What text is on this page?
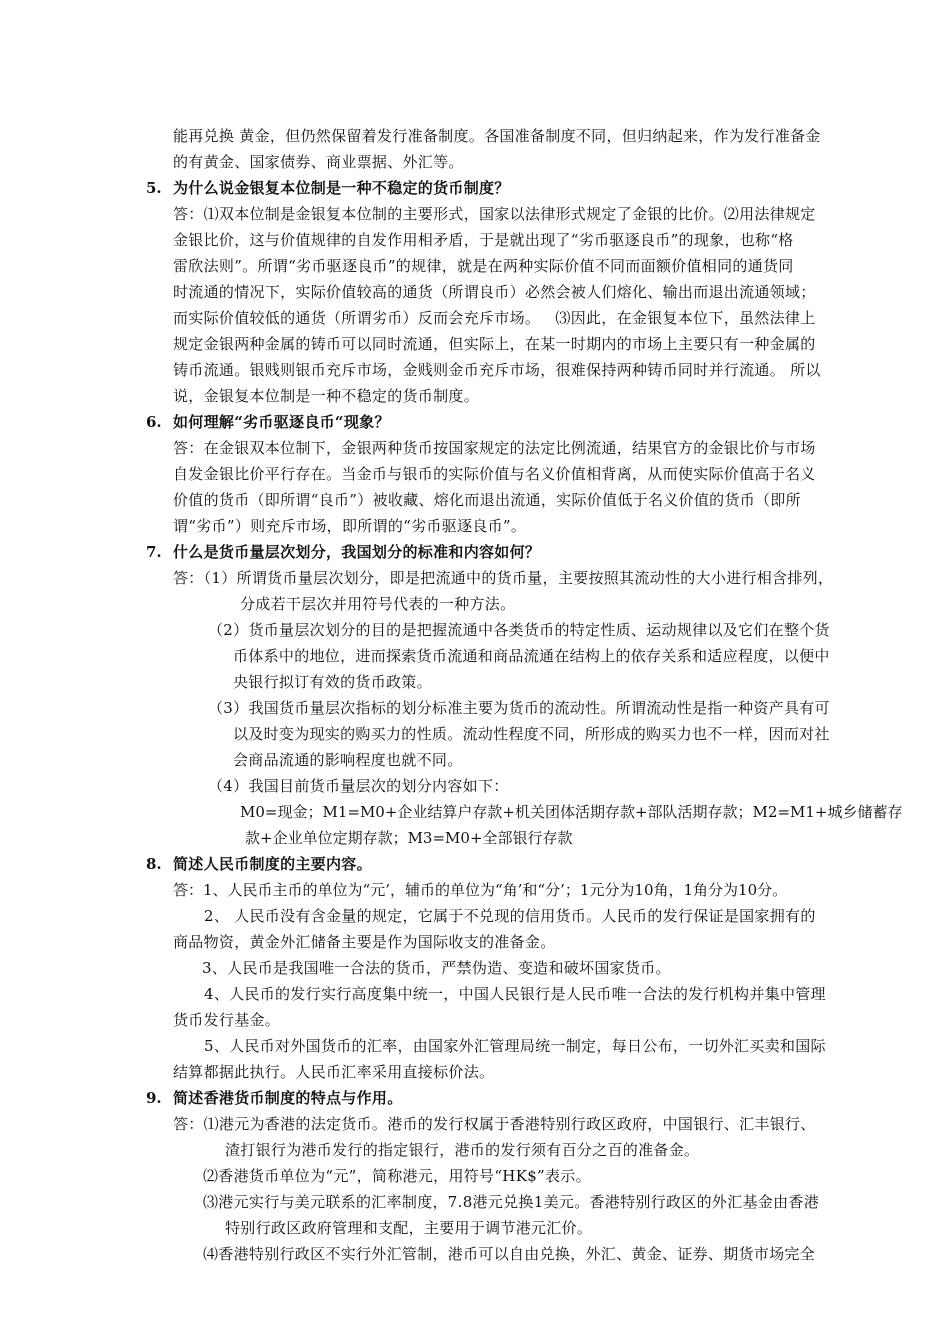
能再兑换 黄金，但仍然保留着发行准备制度。各国准备制度不同，但归纳起来，作为发行准备金
的有黄金、国家债券、商业票据、外汇等。
5. 为什么说金银复本位制是一种不稳定的货币制度？
答：⑴双本位制是金银复本位制的主要形式，国家以法律形式规定了金银的比价。⑵用法律规定
金银比价，这与价值规律的自发作用相矛盾，于是就出现了“劣币驱逐良币”的现象，也称“格
雷欣法则”。所谓“劣币驱逐良币”的规律，就是在两种实际价值不同而面额价值相同的通货同
时流通的情况下，实际价值较高的通货（所谓良币）必然会被人们熔化、输出而退出流通领域；
而实际价值较低的通货（所谓劣币）反而会充斥市场。   ⑶因此，在金银复本位下，虽然法律上
规定金银两种金属的铸币可以同时流通，但实际上，在某一时期内的市场上主要只有一种金属的
铸币流通。银贱则银币充斥市场，金贱则金币充斥市场，很难保持两种铸币同时并行流通。 所以
说，金银复本位制是一种不稳定的货币制度。
6. 如何理解“劣币驱逐良币“现象？
答：在金银双本位制下，金银两种货币按国家规定的法定比例流通，结果官方的金银比价与市场
自发金银比价平行存在。当金币与银币的实际价值与名义价值相背离，从而使实际价值高于名义
价值的货币（即所谓“良币”）被收藏、熔化而退出流通，实际价值低于名义价值的货币（即所
谓“劣币”）则充斥市场，即所谓的“劣币驱逐良币”。
7. 什么是货币量层次划分，我国划分的标准和内容如何？
答：（1）所谓货币量层次划分，即是把流通中的货币量，主要按照其流动性的大小进行相含排列，
分成若干层次并用符号代表的一种方法。
（2）货币量层次划分的目的是把握流通中各类货币的特定性质、运动规律以及它们在整个货
币体系中的地位，进而探索货币流通和商品流通在结构上的依存关系和适应程度，以便中
央银行拟订有效的货币政策。
（3）我国货币量层次指标的划分标准主要为货币的流动性。所谓流动性是指一种资产具有可
以及时变为现实的购买力的性质。流动性程度不同，所形成的购买力也不一样，因而对社
会商品流通的影响程度也就不同。
（4）我国目前货币量层次的划分内容如下：
M0=现金；M1=M0+企业结算户存款+机关团体活期存款+部队活期存款；M2=M1+城乡储蓄存
款+企业单位定期存款；M3=M0+全部银行存款
8. 简述人民币制度的主要内容。
答：1、人民币主币的单位为“元’，辅币的单位为“角’和“分’；1元分为10角，1角分为10分。
2、 人民币没有含金量的规定，它属于不兑现的信用货币。人民币的发行保证是国家拥有的
商品物资，黄金外汇储备主要是作为国际收支的准备金。
3、人民币是我国唯一合法的货币，严禁伪造、变造和破坏国家货币。
4、人民币的发行实行高度集中统一，中国人民银行是人民币唯一合法的发行机构并集中管理
货币发行基金。
5、人民币对外国货币的汇率，由国家外汇管理局统一制定，每日公布，一切外汇买卖和国际
结算都据此执行。人民币汇率采用直接标价法。
9. 简述香港货币制度的特点与作用。
答：⑴港元为香港的法定货币。港币的发行权属于香港特别行政区政府，中国银行、汇丰银行、
渣打银行为港币发行的指定银行，港币的发行须有百分之百的准备金。
⑵香港货币单位为“元”，简称港元，用符号“HK$”表示。
⑶港元实行与美元联系的汇率制度，7.8港元兑换1美元。香港特别行政区的外汇基金由香港
特别行政区政府管理和支配，主要用于调节港元汇价。
⑷香港特别行政区不实行外汇管制，港币可以自由兑换，外汇、黄金、证券、期货市场完全
